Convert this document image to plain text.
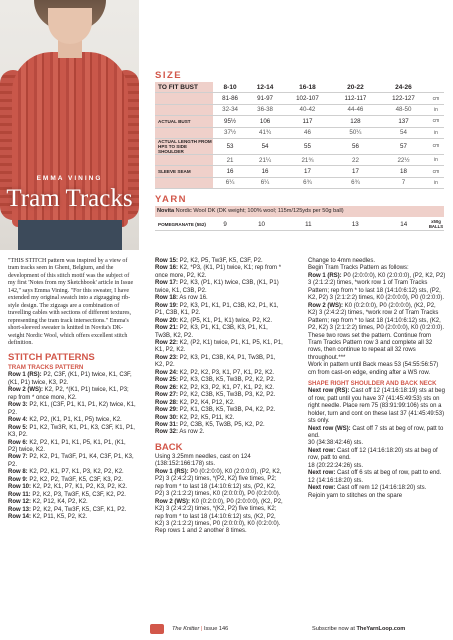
EMMA VINING
Tram Tracks
SIZE
TO FIT BUST	8-10	12-14	16-18	20-22	24-26	
	81-86	91-97	102-107	112-117	122-127	cm
	32-34	36-38	40-42	44-46	48-50	in
ACTUAL BUST	95½	106	117	128	137	cm
	37½	41¾	46	50¼	54	in
ACTUAL LENGTH FROM HPS TO SIDE SHOULDER	53	54	55	56	57	cm
	21	21¼	21¾	22	22½	in
SLEEVE SEAM	16	16	17	17	18	cm
	6¼	6¼	6¾	6¾	7	in
YARN
Novita Nordic Wool DK (DK weight; 100% wool; 115m/125yds per 50g ball)
POMEGRANATE (552)	9	10	11	13	14	x50g BALLS

"THIS STITCH pattern was inspired by a view of tram tracks seen in Ghent, Belgium, and the development of this stitch motif was the subject of my first 'Notes from my Sketchbook' article in Issue 142," says Emma Vining. "For this sweater, I have extended my original swatch into a zigzagging rib-style design. The zigzags are a combination of travelling cables with sections of different textures, representing the tram track intersections." Emma's short-sleeved sweater is knitted in Novita's DK-weight Nordic Wool, which offers excellent stitch definition.

STITCH PATTERNS
TRAM TRACKS PATTERN

Row 1 (RS): P2, C3F, (K1, P1) twice, K1, C3F, (K1, P1) twice, K3, P2.

Row 2 (WS): K2, P2, *(K1, P1) twice, K1, P3; rep from * once more, K2.

Row 3: P2, K1, (C3F, P1, K1, P1, K2) twice, K1, P2.

Row 4: K2, P2, (K1, P1, K1, P5) twice, K2.

Row 5: P1, K2, Tw3R, K1, P1, K3, C3F, K1, P1, K3, P2.

Row 6: K2, P2, K1, P1, K1, P5, K1, P1, (K1, P2) twice, K2.

Row 7: P2, K2, P1, Tw3F, P1, K4, C3F, P1, K3, P2.

Row 8: K2, P2, K1, P7, K1, P3, K2, P2, K2.

Row 9: P2, K2, P2, Tw3F, K5, C3F, K3, P2.

Row 10: K2, P2, K1, P7, K1, P2, K3, P2, K2.

Row 11: P2, K2, P3, Tw3F, K5, C3F, K2, P2.

Row 12: K2, P12, K4, P2, K2.

Row 13: P2, K2, P4, Tw3F, K5, C3F, K1, P2.

Row 14: K2, P11, K5, P2, K2.

Row 15: P2, K2, P5, Tw3F, K5, C3F, P2.

Row 16: K2, *P3, (K1, P1) twice, K1; rep from * once more, P2, K2.

Row 17: P2, K3, (P1, K1) twice, C3B, (K1, P1) twice, K1, C3B, P2.

Row 18: As row 16.

Row 19: P2, K3, P1, K1, P1, C3B, K2, P1, K1, P1, C3B, K1, P2.

Row 20: K2, (P5, K1, P1, K1) twice, P2, K2.

Row 21: P2, K3, P1, K1, C3B, K3, P1, K1, Tw3B, K2, P2.

Row 22: K2, (P2, K1) twice, P1, K1, P5, K1, P1, K1, P2, K2.

Row 23: P2, K3, P1, C3B, K4, P1, Tw3B, P1, K2, P2.

Row 24: K2, P2, K2, P3, K1, P7, K1, P2, K2.

Row 25: P2, K3, C3B, K5, Tw3B, P2, K2, P2.

Row 26: K2, P2, K3, P2, K1, P7, K1, P2, K2.

Row 27: P2, K2, C3B, K5, Tw3B, P3, K2, P2.

Row 28: K2, P2, K4, P12, K2.

Row 29: P2, K1, C3B, K5, Tw3B, P4, K2, P2.

Row 30: K2, P2, K5, P11, K2.

Row 31: P2, C3B, K5, Tw3B, P5, K2, P2.

Row 32: As row 2.

BACK

Using 3.25mm needles, cast on 124 (138:152:166:178) sts.

Row 1 (RS): P0 (0:2:0:0), K0 (2:0:0:0), (P2, K2, P2) 3 (2:4:2:2) times, *(P2, K2) five times, P2; rep from * to last 18 (14:10:6:12) sts, (P2, K2, P2) 3 (2:1:2:2) times, K0 (2:0:0:0), P0 (0:2:0:0).

Row 2 (WS): K0 (0:2:0:0), P0 (2:0:0:0), (K2, P2, K2) 3 (2:4:2:2) times, *(K2, P2) five times, K2; rep from * to last 18 (14:10:6:12) sts, (K2, P2, K2) 3 (2:1:2:2) times, P0 (2:0:0:0), K0 (0:2:0:0).

Rep rows 1 and 2 another 8 times.

Change to 4mm needles.

Begin Tram Tracks Pattern as follows:

Row 1 (RS): P0 (2:0:0:0), K0 (2:0:0:0), (P2, K2, P2) 3 (2:1:2:2) times, *work row 1 of Tram Tracks Pattern; rep from * to last 18 (14:10:6:12) sts, (P2, K2, P2) 3 (2:1:2:2) times, K0 (2:0:0:0), P0 (0:2:0:0).

Row 2 (WS): K0 (0:2:0:0), P0 (2:0:0:0), (K2, P2, K2) 3 (2:4:2:2) times, *work row 2 of Tram Tracks Pattern; rep from * to last 18 (14:10:6:12) sts, (K2, P2, K2) 3 (2:1:2:2) times, P0 (2:0:0:0), K0 (0:2:0:0).

These two rows set the pattern. Continue from Tram Tracks Pattern row 3 and complete all 32 rows, then continue to repeat all 32 rows throughout.***

Work in pattern until Back meas 53 (54:55:56:57) cm from cast-on edge, ending after a WS row.

SHAPE RIGHT SHOULDER AND BACK NECK

Next row (RS): Cast off 12 (14:16:18:19) sts at beg of row, patt until you have 37 (41:45:49:53) sts on right needle. Place rem 75 (83:91:99:106) sts on a holder, turn and cont on these last 37 (41:45:49:53) sts only.

Next row (WS): Cast off 7 sts at beg of row, patt to end.

30 (34:38:42:46) sts.

Next row: Cast off 12 (14:16:18:20) sts at beg of row, patt to end.

18 (20:22:24:26) sts.

Next row: Cast off 6 sts at beg of row, patt to end.

12 (14:16:18:20) sts.

Next row: Cast off rem 12 (14:16:18:20) sts.

Rejoin yarn to stitches on the spare

The Knitter | Issue 146	Subscribe now at TheYarnLoop.com
